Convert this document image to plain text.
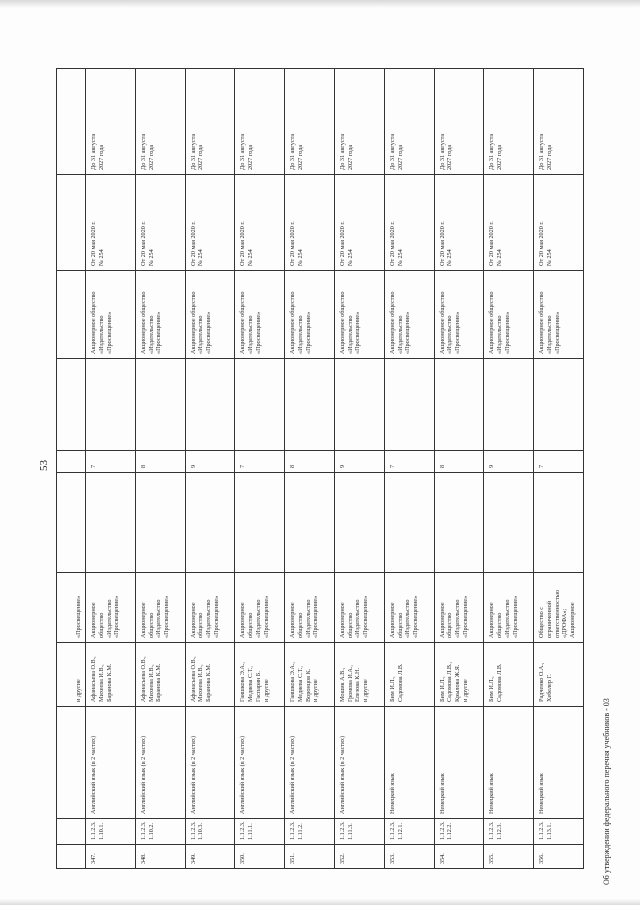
53
			и другие	«Просвещение»						
347.	1.1.2.3.
1.10.1.	Английский язык (в 2 частях)	Афанасьева О.В.,
Михеева И.В.,
Баранова К.М.	Акционерное
общество
«Издательство
«Просвещение»		7		Акционерное общество
«Издательство
«Просвещение»	От 20 мая 2020 г.
№ 254	До 31 августа
2027 года
348.	1.1.2.3.
1.10.2.	Английский язык (в 2 частях)	Афанасьева О.В.,
Михеева И.В.,
Баранова К.М.	Акционерное
общество
«Издательство
«Просвещение»		8		Акционерное общество
«Издательство
«Просвещение»	От 20 мая 2020 г.
№ 254	До 31 августа
2027 года
349.	1.1.2.3.
1.10.3.	Английский язык (в 2 частях)	Афанасьева О.В.,
Михеева И.В.,
Баранова К.М.	Акционерное
общество
«Издательство
«Просвещение»		9		Акционерное общество
«Издательство
«Просвещение»	От 20 мая 2020 г.
№ 254	До 31 августа
2027 года
350.	1.1.2.3.
1.11.1.	Английский язык (в 2 частях)	Гаяшкова Э.А.,
Медяева С.Т.,
Гаспарян Б.
и другие	Акционерное
общество
«Издательство
«Просвещение»		7		Акционерное общество
«Издательство
«Просвещение»	От 20 мая 2020 г.
№ 254	До 31 августа
2027 года
351.	1.1.2.3.
1.11.2.	Английский язык (в 2 частях)	Гаяшкова Э.А.,
Медяева С.Т.,
Воронцов К.
и другие	Акционерное
общество
«Издательство
«Просвещение»		8		Акционерное общество
«Издательство
«Просвещение»	От 20 мая 2020 г.
№ 254	До 31 августа
2027 года
352.	1.1.2.3.
1.11.3.	Английский язык (в 2 частях)	Мошик А.В.,
Громова И.А.,
Елезова К.Н.
и другие	Акционерное
общество
«Издательство
«Просвещение»		9		Акционерное общество
«Издательство
«Просвещение»	От 20 мая 2020 г.
№ 254	До 31 августа
2027 года
353.	1.1.2.3.
1.12.1.	Немецкий язык	Бим И.Л.,
Садомова Л.В.	Акционерное
общество
«Издательство
«Просвещение»		7		Акционерное общество
«Издательство
«Просвещение»	От 20 мая 2020 г.
№ 254	До 31 августа
2027 года
354.	1.1.2.3.
1.12.2.	Немецкий язык	Бим И.Л.,
Садомова Л.В.,
Крылова Ж.Я.
и другие	Акционерное
общество
«Издательство
«Просвещение»		8		Акционерное общество
«Издательство
«Просвещение»	От 20 мая 2020 г.
№ 254	До 31 августа
2027 года
355.	1.1.2.3.
1.12.3.	Немецкий язык	Бим И.Л.,
Садомова Л.В.	Акционерное
общество
«Издательство
«Просвещение»		9		Акционерное общество
«Издательство
«Просвещение»	От 20 мая 2020 г.
№ 254	До 31 августа
2027 года
356.	1.1.2.3.
1.13.1.	Немецкий язык	Радченко О.А.,
Хебелер Г.	Общество с
ограниченной
ответственностью
«ДРОФА»;
Акционерное		7		Акционерное общество
«Издательство
«Просвещение»	От 20 мая 2020 г.
№ 254	До 31 августа
2027 года
Об утверждении федерального перечня учебников - 03
